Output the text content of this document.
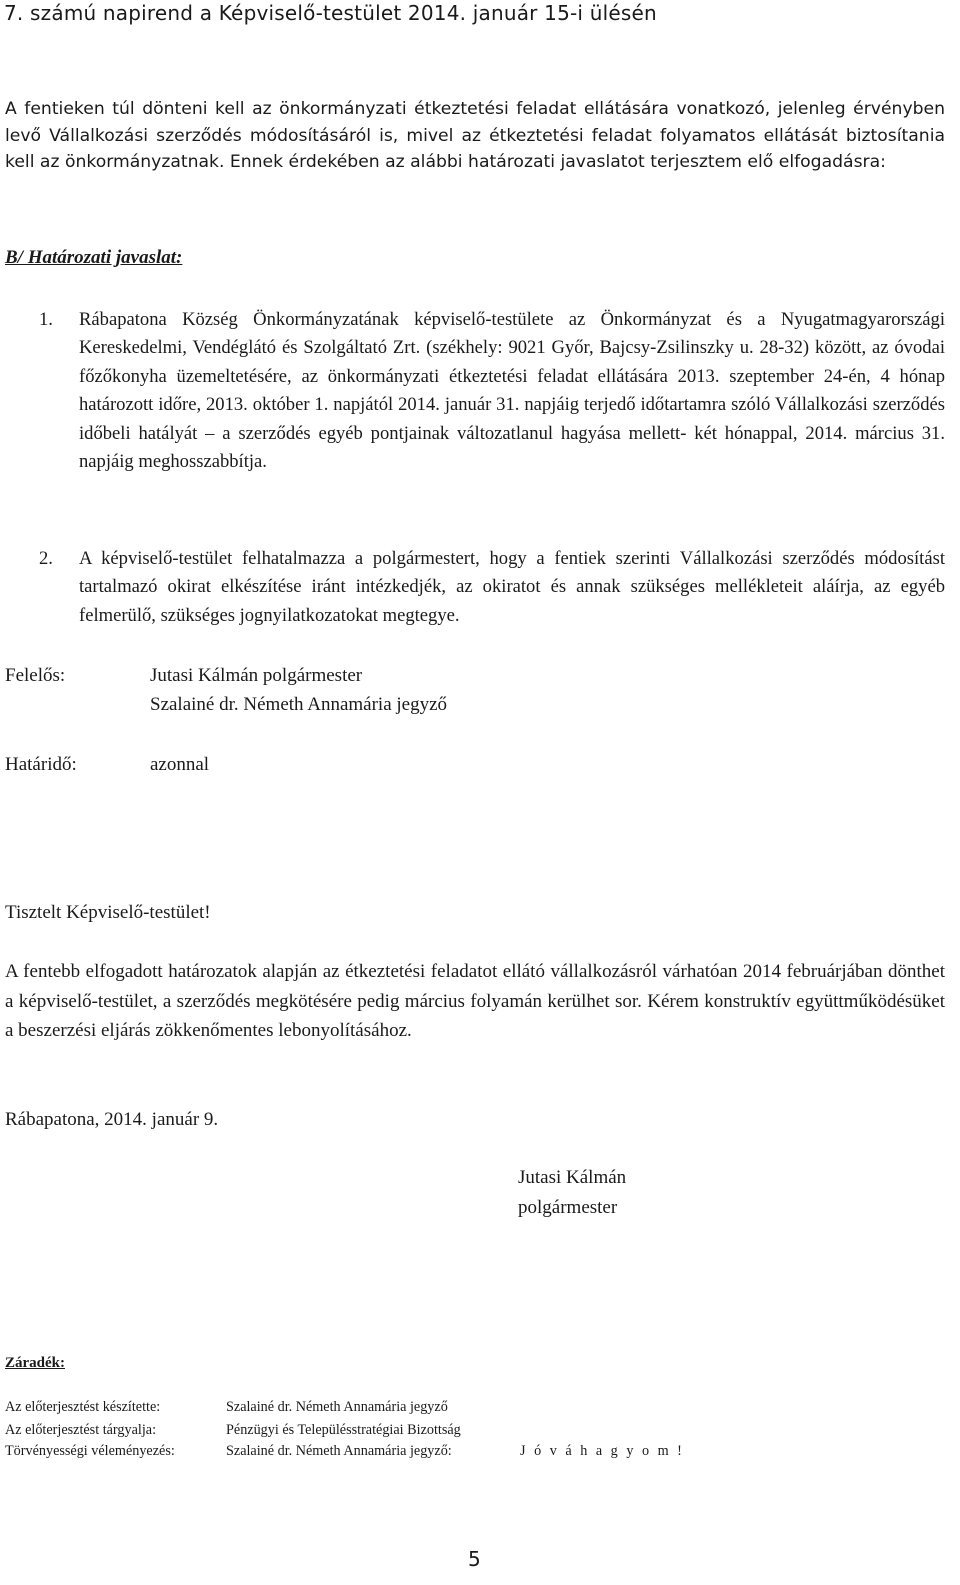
7. számú napirend a Képviselő-testület 2014. január 15-i ülésén
A fentieken túl dönteni kell az önkormányzati étkeztetési feladat ellátására vonatkozó, jelenleg érvényben levő Vállalkozási szerződés módosításáról is, mivel az étkeztetési feladat folyamatos ellátását biztosítania kell az önkormányzatnak. Ennek érdekében az alábbi határozati javaslatot terjesztem elő elfogadásra:
B/ Határozati javaslat:
1. Rábapatona Község Önkormányzatának képviselő-testülete az Önkormányzat és a Nyugatmagyarországi Kereskedelmi, Vendéglátó és Szolgáltató Zrt. (székhely: 9021 Győr, Bajcsy-Zsilinszky u. 28-32) között, az óvodai főzőkonyha üzemeltetésére, az önkormányzati étkeztetési feladat ellátására 2013. szeptember 24-én, 4 hónap határozott időre, 2013. október 1. napjától 2014. január 31. napjáig terjedő időtartamra szóló Vállalkozási szerződés időbeli hatályát – a szerződés egyéb pontjainak változatlanul hagyása mellett- két hónappal, 2014. március 31. napjáig meghosszabbítja.
2. A képviselő-testület felhatalmazza a polgármestert, hogy a fentiek szerinti Vállalkozási szerződés módosítást tartalmazó okirat elkészítése iránt intézkedjék, az okiratot és annak szükséges mellékleteit aláírja, az egyéb felmerülő, szükséges jognyilatkozatokat megtegye.
Felelős:	Jutasi Kálmán polgármester
Szalainé dr. Németh Annamária jegyző
Határidő:	azonnal
Tisztelt Képviselő-testület!
A fentebb elfogadott határozatok alapján az étkeztetési feladatot ellátó vállalkozásról várhatóan 2014 februárjában dönthet a képviselő-testület, a szerződés megkötésére pedig március folyamán kerülhet sor. Kérem konstruktív együttműködésüket a beszerzési eljárás zökkenőmentes lebonyolításához.
Rábapatona, 2014. január 9.
Jutasi Kálmán
polgármester
Záradék:
Az előterjesztést készítette:	Szalainé dr. Németh Annamária jegyző
Az előterjesztést tárgyalja:	Pénzügyi és Településstratégiai Bizottság
Törvényességi véleményezés:	Szalainé dr. Németh Annamária jegyző:	J ó v á h a g y o m !
5
